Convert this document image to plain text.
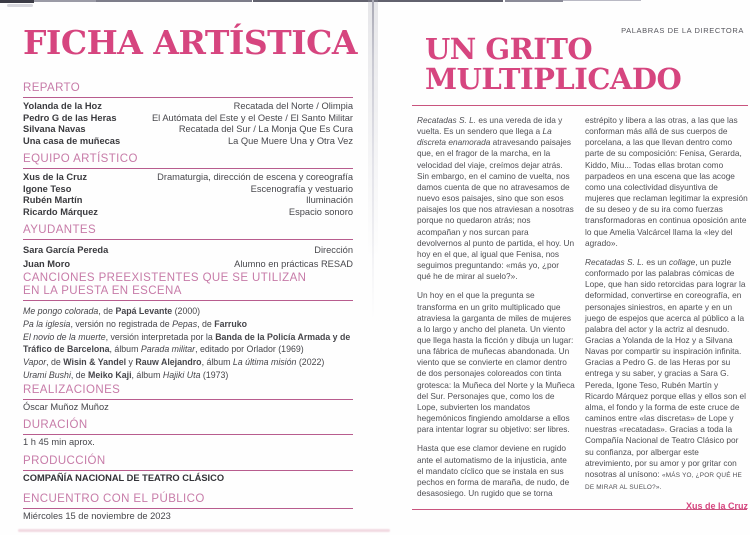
FICHA ARTÍSTICA
REPARTO
Yolanda de la Hoz	Recatada del Norte / Olimpia
Pedro G de las Heras	El Autómata del Este y el Oeste / El Santo Militar
Silvana Navas	Recatada del Sur / La Monja Que Es Cura
Una casa de muñecas	La Que Muere Una y Otra Vez
EQUIPO ARTÍSTICO
Xus de la Cruz	Dramaturgia, dirección de escena y coreografía
Igone Teso	Escenografía y vestuario
Rubén Martín	Iluminación
Ricardo Márquez	Espacio sonoro
AYUDANTES
Sara García Pereda	Dirección
Juan Moro	Alumno en prácticas RESAD
CANCIONES PREEXISTENTES QUE SE UTILIZAN
EN LA PUESTA EN ESCENA
Me pongo colorada, de Papá Levante (2000)
Pa la iglesia, versión no registrada de Pepas, de Farruko
El novio de la muerte, versión interpretada por la Banda de la Policía Armada y de Tráfico de Barcelona, álbum Parada militar, editado por Orlador (1969)
Vapor, de Wisin & Yandel y Rauw Alejandro, álbum La última misión (2022)
Urami Bushi, de Meiko Kaji, álbum Hajiki Uta (1973)
REALIZACIONES
Óscar Muñoz Muñoz
DURACIÓN
1 h 45 min aprox.
PRODUCCIÓN
COMPAÑÍA NACIONAL DE TEATRO CLÁSICO
ENCUENTRO CON EL PÚBLICO
Miércoles 15 de noviembre de 2023
PALABRAS DE LA DIRECTORA
UN GRITO
MULTIPLICADO

Recatadas S. L. es una vereda de ida y vuelta. Es un sendero que llega a La discreta enamorada atravesando paisajes que, en el fragor de la marcha, en la velocidad del viaje, creímos dejar atrás. Sin embargo, en el camino de vuelta, nos damos cuenta de que no atravesamos de nuevo esos paisajes, sino que son esos paisajes los que nos atraviesan a nosotras porque no quedaron atrás; nos acompañan y nos surcan para devolvernos al punto de partida, el hoy. Un hoy en el que, al igual que Fenisa, nos seguimos preguntando: «más yo, ¿por qué he de mirar al suelo?».

Un hoy en el que la pregunta se transforma en un grito multiplicado que atraviesa la garganta de miles de mujeres a lo largo y ancho del planeta. Un viento que llega hasta la ficción y dibuja un lugar: una fábrica de muñecas abandonada. Un viento que se convierte en clamor dentro de dos personajes coloreados con tinta grotesca: la Muñeca del Norte y la Muñeca del Sur. Personajes que, como los de Lope, subvierten los mandatos hegemónicos fingiendo amoldarse a ellos para intentar lograr su objetivo: ser libres.

Hasta que ese clamor deviene en rugido ante el automatismo de la injusticia, ante el mandato cíclico que se instala en sus pechos en forma de maraña, de nudo, de desasosiego. Un rugido que se torna

estrépito y libera a las otras, a las que las conforman más allá de sus cuerpos de porcelana, a las que llevan dentro como parte de su composición: Fenisa, Gerarda, Kiddo, Miu... Todas ellas brotan como parpadeos en una escena que las acoge como una colectividad disyuntiva de mujeres que reclaman legitimar la expresión de su deseo y de su ira como fuerzas transformadoras en continua oposición ante lo que Amelia Valcárcel llama la «ley del agrado».

Recatadas S. L. es un collage, un puzle conformado por las palabras cómicas de Lope, que han sido retorcidas para lograr la deformidad, convertirse en coreografía, en personajes siniestros, en aparte y en un juego de espejos que acerca al público a la palabra del actor y la actriz al desnudo. Gracias a Yolanda de la Hoz y a Silvana Navas por compartir su inspiración infinita. Gracias a Pedro G. de las Heras por su entrega y su saber, y gracias a Sara G. Pereda, Igone Teso, Rubén Martín y Ricardo Márquez porque ellas y ellos son el alma, el fondo y la forma de este cruce de caminos entre «las discretas» de Lope y nuestras «recatadas». Gracias a toda la Compañía Nacional de Teatro Clásico por su confianza, por albergar este atrevimiento, por su amor y por gritar con nosotras al unísono: «MÁS YO, ¿POR QUÉ HE DE MIRAR AL SUELO?».

Xus de la Cruz
